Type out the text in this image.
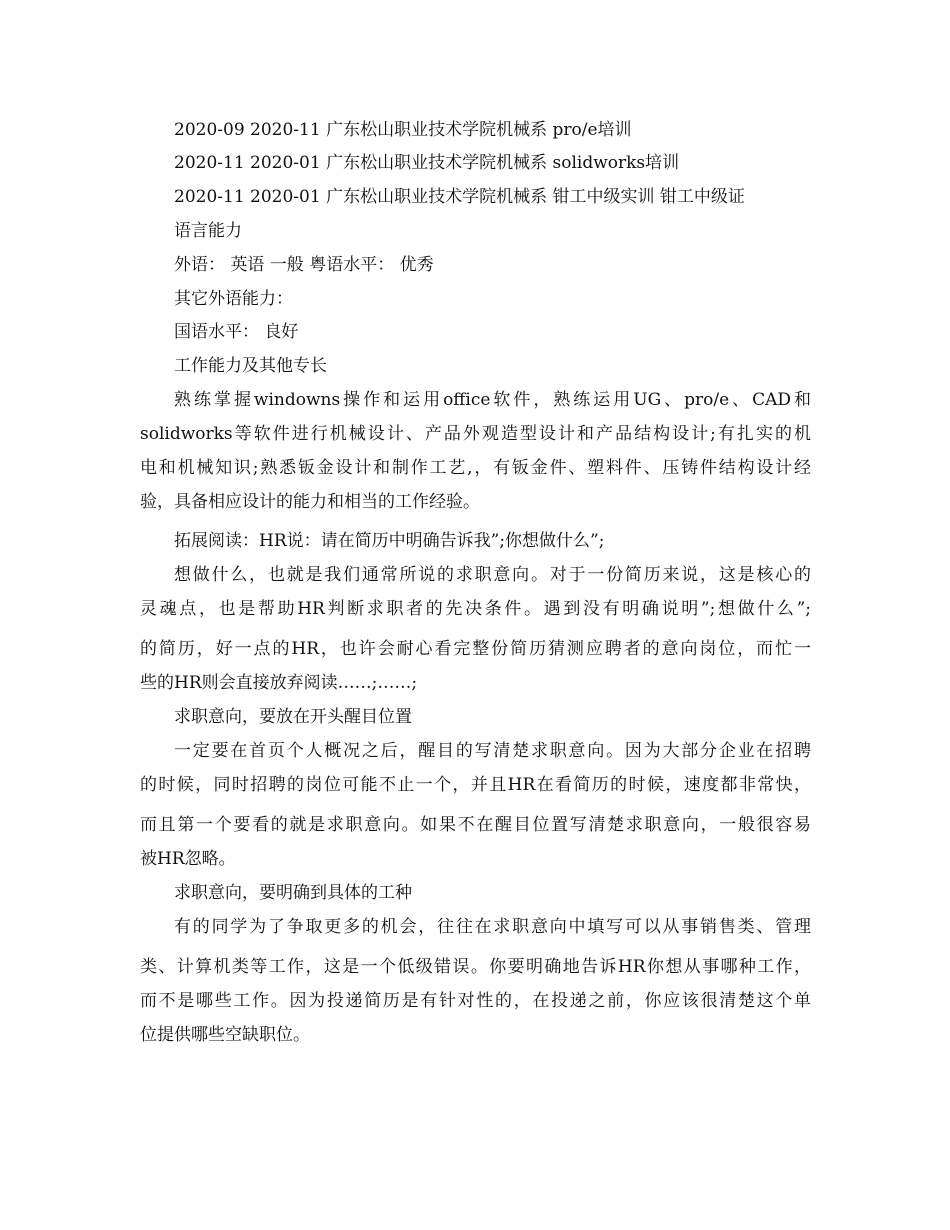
2020-09 2020-11 广东松山职业技术学院机械系 pro/e培训
2020-11 2020-01 广东松山职业技术学院机械系 solidworks培训
2020-11 2020-01 广东松山职业技术学院机械系 钳工中级实训 钳工中级证
语言能力
外语： 英语 一般 粤语水平： 优秀
其它外语能力：
国语水平： 良好
工作能力及其他专长
熟练掌握windowns操作和运用office软件，熟练运用UG、pro/e、CAD和
solidworks等软件进行机械设计、产品外观造型设计和产品结构设计;有扎实的机
电和机械知识;熟悉钣金设计和制作工艺,，有钣金件、塑料件、压铸件结构设计经
验，具备相应设计的能力和相当的工作经验。
拓展阅读：HR说：请在简历中明确告诉我”;你想做什么”;
想做什么，也就是我们通常所说的求职意向。对于一份简历来说，这是核心的
灵魂点，也是帮助HR判断求职者的先决条件。遇到没有明确说明”;想做什么”;
的简历，好一点的HR，也许会耐心看完整份简历猜测应聘者的意向岗位，而忙一
些的HR则会直接放弃阅读……;……;
求职意向，要放在开头醒目位置
一定要在首页个人概况之后，醒目的写清楚求职意向。因为大部分企业在招聘
的时候，同时招聘的岗位可能不止一个，并且HR在看简历的时候，速度都非常快，
而且第一个要看的就是求职意向。如果不在醒目位置写清楚求职意向，一般很容易
被HR忽略。
求职意向，要明确到具体的工种
有的同学为了争取更多的机会，往往在求职意向中填写可以从事销售类、管理
类、计算机类等工作，这是一个低级错误。你要明确地告诉HR你想从事哪种工作，
而不是哪些工作。因为投递简历是有针对性的，在投递之前，你应该很清楚这个单
位提供哪些空缺职位。
